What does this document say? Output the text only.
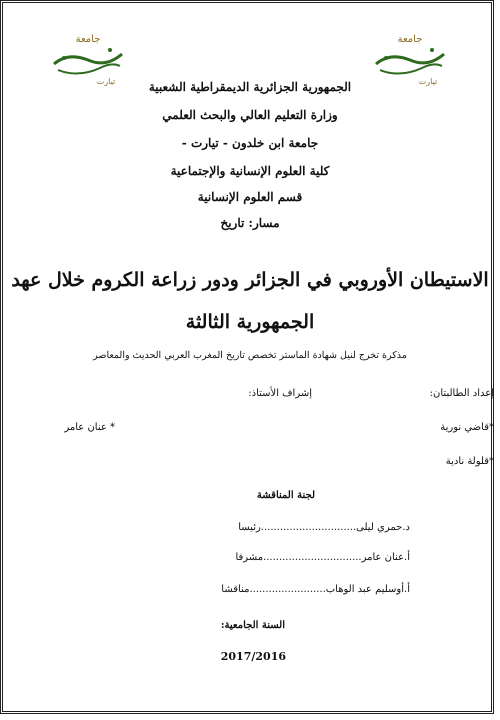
جامعة
تيارت
جامعة
تيارت
الجمهورية الجزائرية الديمقراطية الشعبية
وزارة التعليم العالي والبحث العلمي
جامعة ابن خلدون - تيارت -
كلية العلوم الإنسانية والإجتماعية
قسم العلوم الإنسانية
مسار: تاريخ
الاستيطان الأوروبي في الجزائر ودور زراعة الكروم خلال عهد
الجمهورية الثالثة
مذكرة تخرج لنيل شهادة الماستر تخصص تاريخ المغرب العربي الحديث والمعاصر
إعداد الطالبتان:
إشراف الأستاذ:
*قاضي نورية
* عنان عامر
*قلولة نادية
لجنة المناقشة
د.حمري ليلى..............................رئيسا
أ.عنان عامر...............................مشرفا
أ.أوسليم عبد الوهاب........................مناقشا
السنة الجامعية:
2017/2016
